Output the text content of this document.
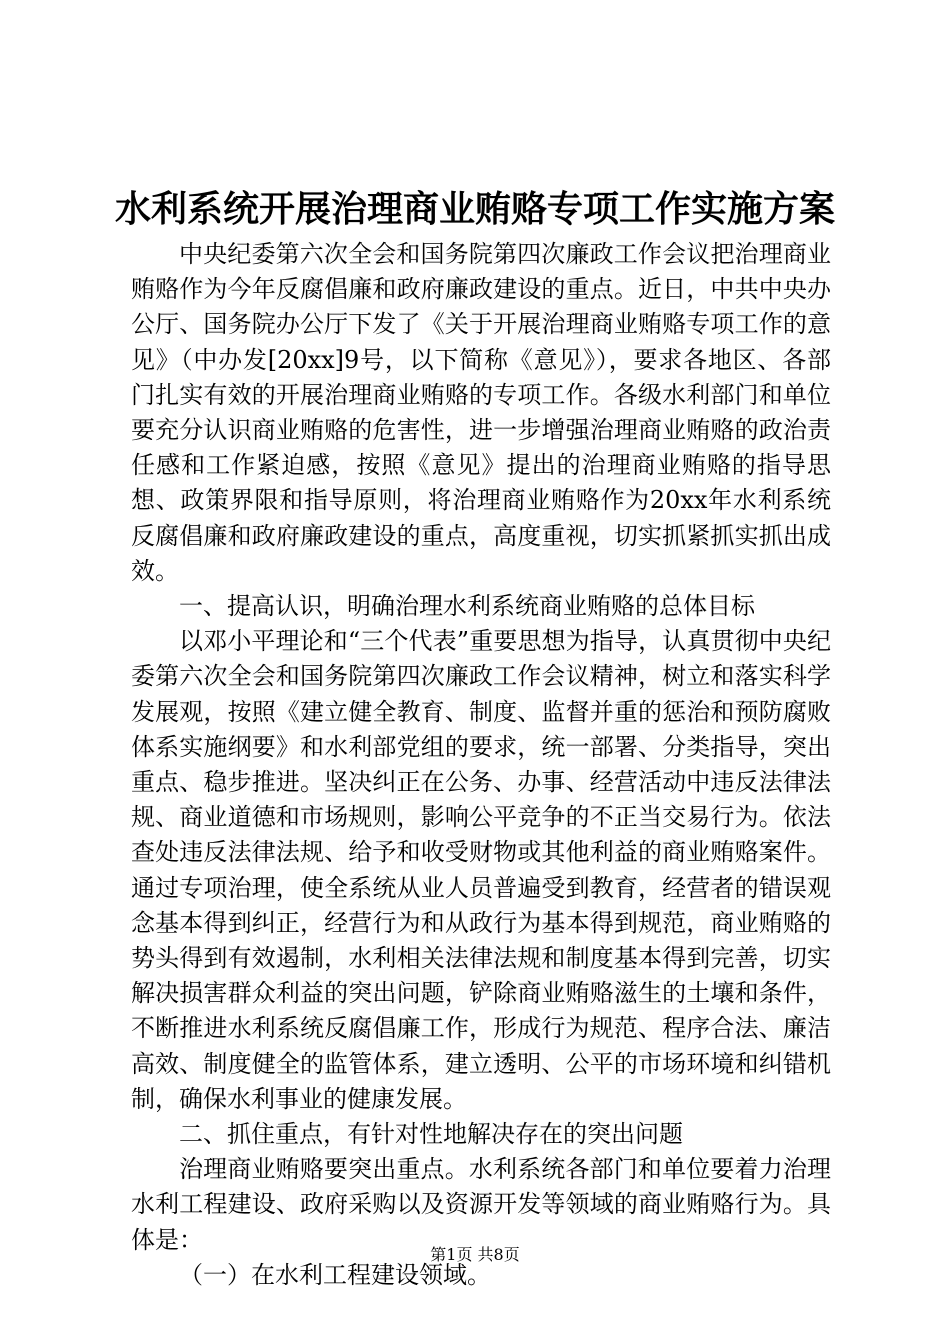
水利系统开展治理商业贿赂专项工作实施方案

中央纪委第六次全会和国务院第四次廉政工作会议把治理商业贿赂作为今年反腐倡廉和政府廉政建设的重点。近日，中共中央办公厅、国务院办公厅下发了《关于开展治理商业贿赂专项工作的意见》（中办发[20xx]9号，以下简称《意见》），要求各地区、各部门扎实有效的开展治理商业贿赂的专项工作。各级水利部门和单位要充分认识商业贿赂的危害性，进一步增强治理商业贿赂的政治责任感和工作紧迫感，按照《意见》提出的治理商业贿赂的指导思想、政策界限和指导原则，将治理商业贿赂作为20xx年水利系统反腐倡廉和政府廉政建设的重点，高度重视，切实抓紧抓实抓出成效。

一、提高认识，明确治理水利系统商业贿赂的总体目标

以邓小平理论和“三个代表”重要思想为指导，认真贯彻中央纪委第六次全会和国务院第四次廉政工作会议精神，树立和落实科学发展观，按照《建立健全教育、制度、监督并重的惩治和预防腐败体系实施纲要》和水利部党组的要求，统一部署、分类指导，突出重点、稳步推进。坚决纠正在公务、办事、经营活动中违反法律法规、商业道德和市场规则，影响公平竞争的不正当交易行为。依法查处违反法律法规、给予和收受财物或其他利益的商业贿赂案件。通过专项治理，使全系统从业人员普遍受到教育，经营者的错误观念基本得到纠正，经营行为和从政行为基本得到规范，商业贿赂的势头得到有效遏制，水利相关法律法规和制度基本得到完善，切实解决损害群众利益的突出问题，铲除商业贿赂滋生的土壤和条件，不断推进水利系统反腐倡廉工作，形成行为规范、程序合法、廉洁高效、制度健全的监管体系，建立透明、公平的市场环境和纠错机制，确保水利事业的健康发展。

二、抓住重点，有针对性地解决存在的突出问题

治理商业贿赂要突出重点。水利系统各部门和单位要着力治理水利工程建设、政府采购以及资源开发等领域的商业贿赂行为。具体是：

（一）在水利工程建设领域。

第1页 共8页
